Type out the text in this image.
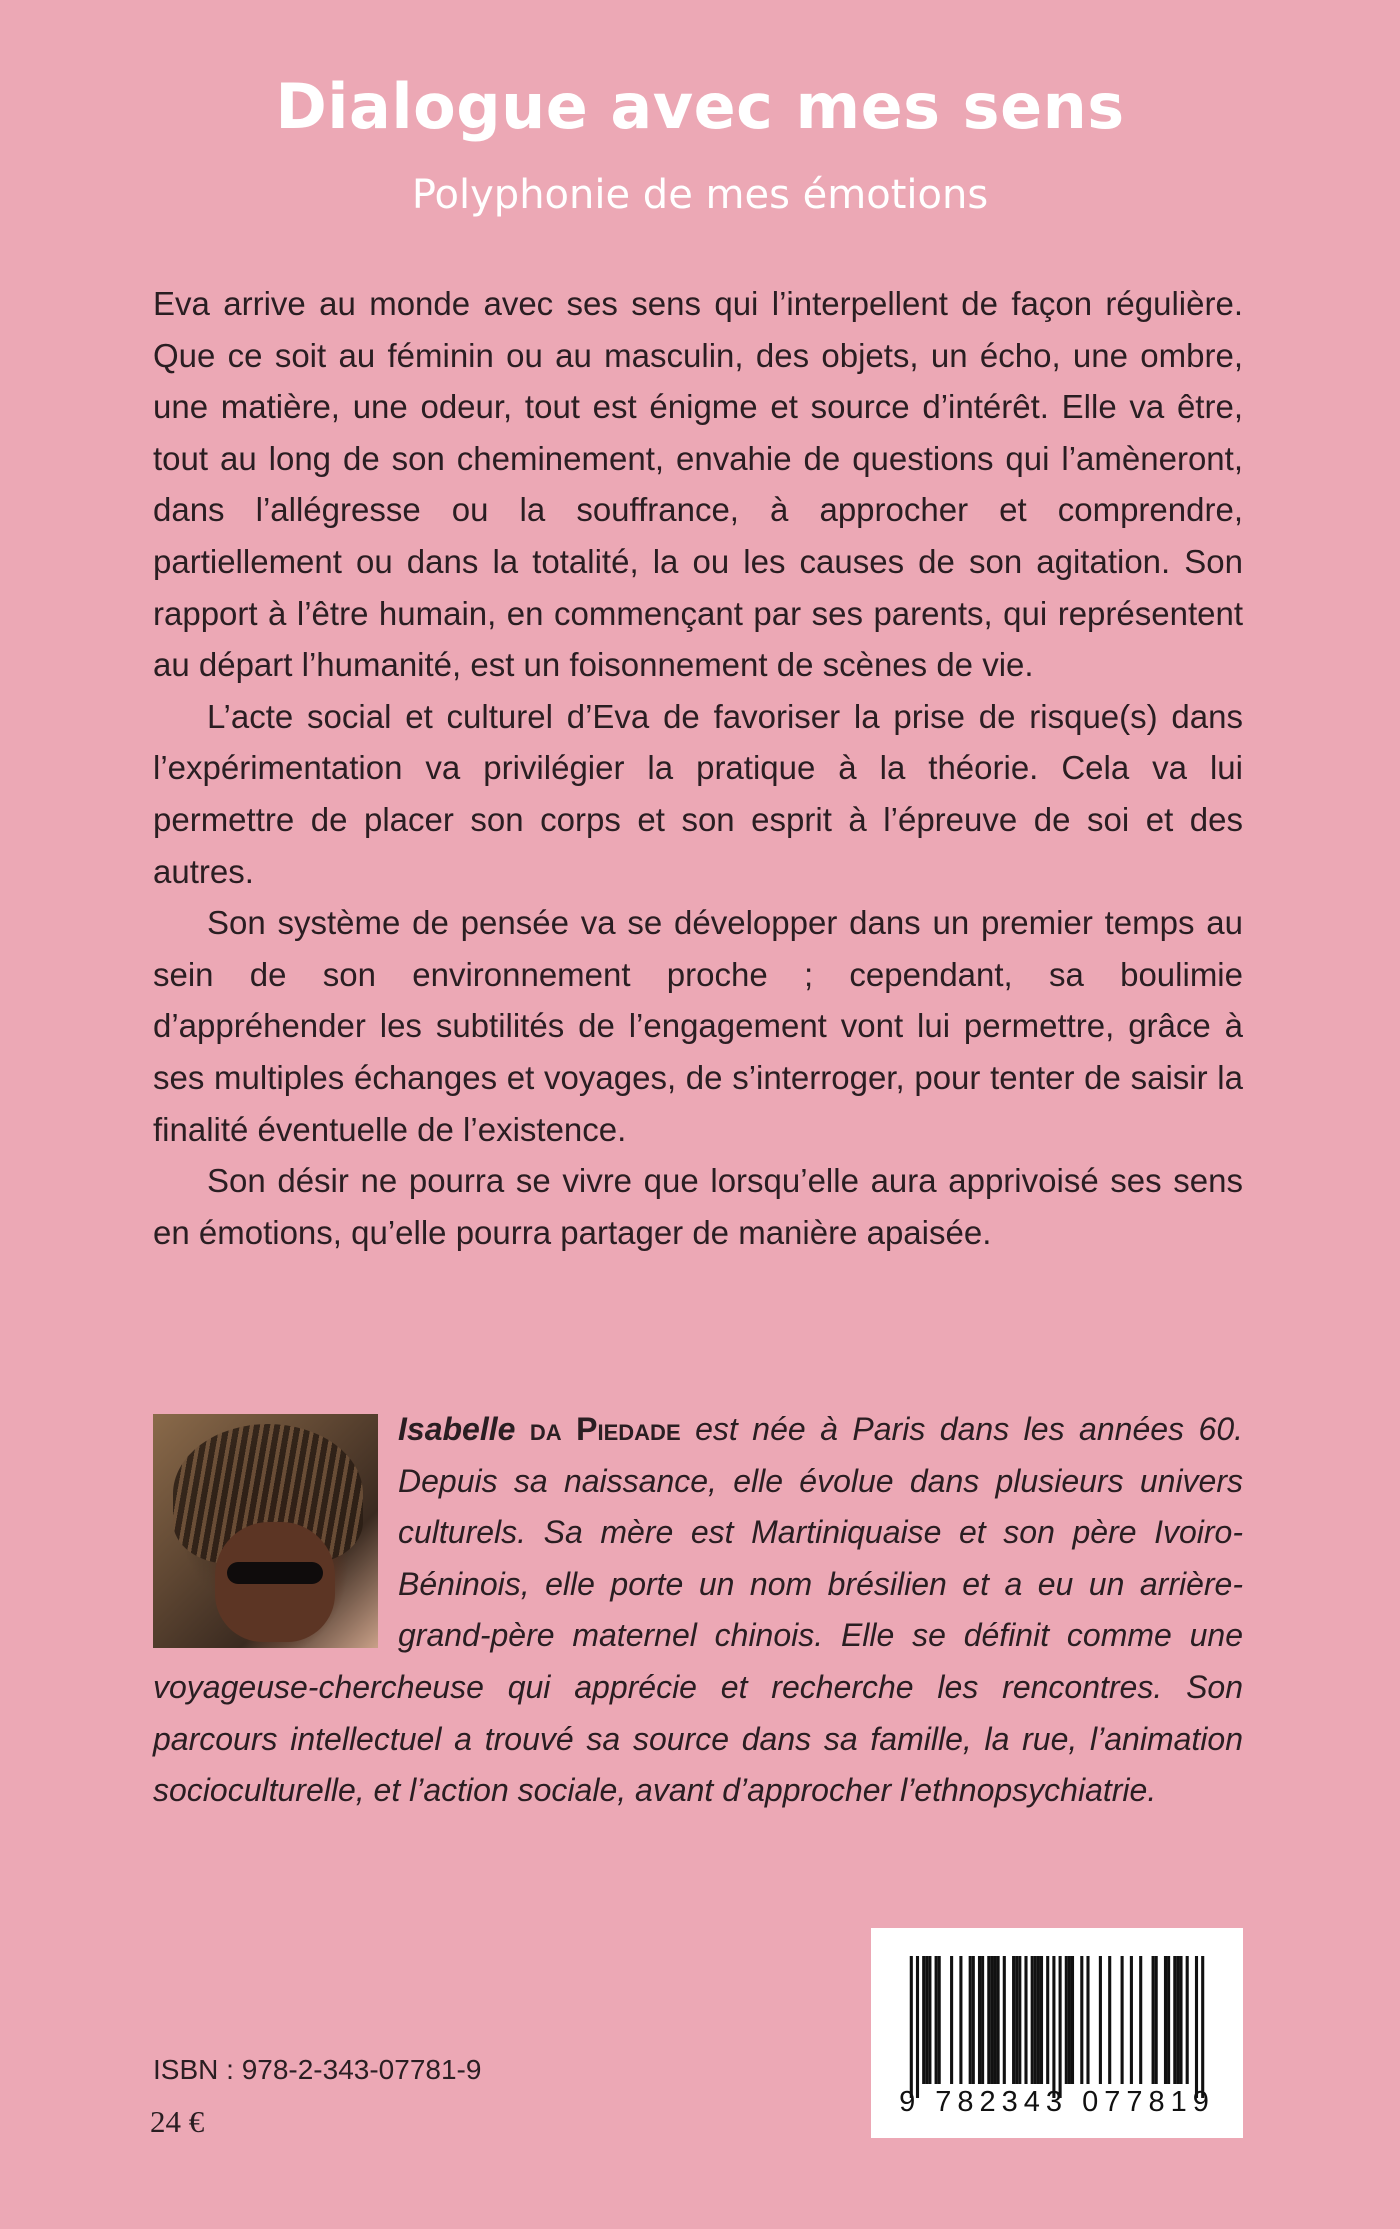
Dialogue avec mes sens
Polyphonie de mes émotions

Eva arrive au monde avec ses sens qui l’interpellent de façon régulière. Que ce soit au féminin ou au masculin, des objets, un écho, une ombre, une matière, une odeur, tout est énigme et source d’intérêt. Elle va être, tout au long de son cheminement, envahie de questions qui l’amèneront, dans l’allégresse ou la souffrance, à approcher et comprendre, partiellement ou dans la totalité, la ou les causes de son agitation. Son rapport à l’être humain, en commençant par ses parents, qui représentent au départ l’humanité, est un foisonnement de scènes de vie.

L’acte social et culturel d’Eva de favoriser la prise de risque(s) dans l’expérimentation va privilégier la pratique à la théorie. Cela va lui permettre de placer son corps et son esprit à l’épreuve de soi et des autres.

Son système de pensée va se développer dans un premier temps au sein de son environnement proche ; cependant, sa boulimie d’appréhender les subtilités de l’engagement vont lui permettre, grâce à ses multiples échanges et voyages, de s’interroger, pour tenter de saisir la finalité éventuelle de l’existence.

Son désir ne pourra se vivre que lorsqu’elle aura apprivoisé ses sens en émotions, qu’elle pourra partager de manière apaisée.

Isabelle da Piedade est née à Paris dans les années 60. Depuis sa naissance, elle évolue dans plusieurs univers culturels. Sa mère est Martiniquaise et son père Ivoiro-Béninois, elle porte un nom brésilien et a eu un arrière-grand-père maternel chinois. Elle se définit comme une voyageuse-chercheuse qui apprécie et recherche les rencontres. Son parcours intellectuel a trouvé sa source dans sa famille, la rue, l’animation socioculturelle, et l’action sociale, avant d’approcher l’ethnopsychiatrie.
ISBN : 978-2-343-07781-9
24 €
9 782343 077819
